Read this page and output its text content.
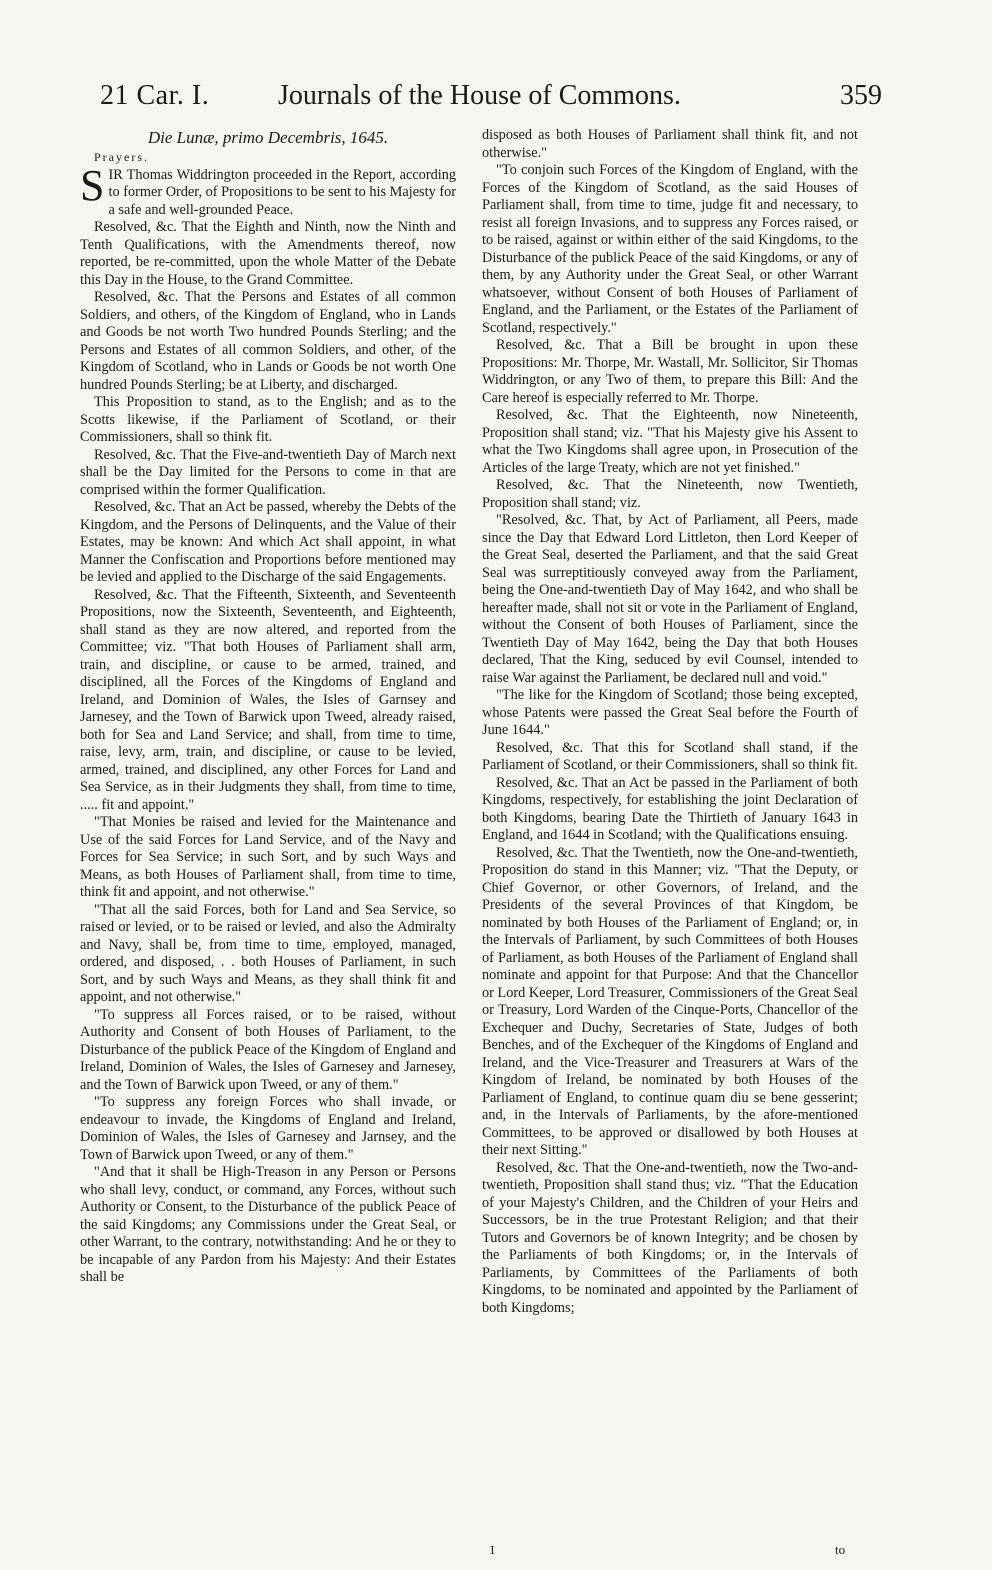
21 Car. I. Journals of the House of Commons.	359

Die Lunæ, primo Decembris, 1645.

Prayers.

SIR Thomas Widdrington proceeded in the Report, according to former Order, of Propositions to be sent to his Majesty for a safe and well-grounded Peace.

Resolved, &c. That the Eighth and Ninth, now the Ninth and Tenth Qualifications, with the Amendments thereof, now reported, be re-committed, upon the whole Matter of the Debate this Day in the House, to the Grand Committee.

Resolved, &c. That the Persons and Estates of all common Soldiers, and others, of the Kingdom of England, who in Lands and Goods be not worth Two hundred Pounds Sterling; and the Persons and Estates of all common Soldiers, and other, of the Kingdom of Scotland, who in Lands or Goods be not worth One hundred Pounds Sterling; be at Liberty, and discharged.

This Proposition to stand, as to the English; and as to the Scotts likewise, if the Parliament of Scotland, or their Commissioners, shall so think fit.

Resolved, &c. That the Five-and-twentieth Day of March next shall be the Day limited for the Persons to come in that are comprised within the former Qualification.

Resolved, &c. That an Act be passed, whereby the Debts of the Kingdom, and the Persons of Delinquents, and the Value of their Estates, may be known: And which Act shall appoint, in what Manner the Confiscation and Proportions before mentioned may be levied and applied to the Discharge of the said Engagements.

Resolved, &c. That the Fifteenth, Sixteenth, and Seventeenth Propositions, now the Sixteenth, Seventeenth, and Eighteenth, shall stand as they are now altered, and reported from the Committee; viz. "That both Houses of Parliament shall arm, train, and discipline, or cause to be armed, trained, and disciplined, all the Forces of the Kingdoms of England and Ireland, and Dominion of Wales, the Isles of Garnsey and Jarnesey, and the Town of Barwick upon Tweed, already raised, both for Sea and Land Service; and shall, from time to time, raise, levy, arm, train, and discipline, or cause to be levied, armed, trained, and disciplined, any other Forces for Land and Sea Service, as in their Judgments they shall, from time to time, ..... fit and appoint."

"That Monies be raised and levied for the Maintenance and Use of the said Forces for Land Service, and of the Navy and Forces for Sea Service; in such Sort, and by such Ways and Means, as both Houses of Parliament shall, from time to time, think fit and appoint, and not otherwise."

"That all the said Forces, both for Land and Sea Service, so raised or levied, or to be raised or levied, and also the Admiralty and Navy, shall be, from time to time, employed, managed, ordered, and disposed, . . both Houses of Parliament, in such Sort, and by such Ways and Means, as they shall think fit and appoint, and not otherwise."

"To suppress all Forces raised, or to be raised, without Authority and Consent of both Houses of Parliament, to the Disturbance of the publick Peace of the Kingdom of England and Ireland, Dominion of Wales, the Isles of Garnesey and Jarnesey, and the Town of Barwick upon Tweed, or any of them."

"To suppress any foreign Forces who shall invade, or endeavour to invade, the Kingdoms of England and Ireland, Dominion of Wales, the Isles of Garnesey and Jarnsey, and the Town of Barwick upon Tweed, or any of them."

"And that it shall be High-Treason in any Person or Persons who shall levy, conduct, or command, any Forces, without such Authority or Consent, to the Disturbance of the publick Peace of the said Kingdoms; any Commissions under the Great Seal, or other Warrant, to the contrary, notwithstanding: And he or they to be incapable of any Pardon from his Majesty: And their Estates shall be

disposed as both Houses of Parliament shall think fit, and not otherwise."

"To conjoin such Forces of the Kingdom of England, with the Forces of the Kingdom of Scotland, as the said Houses of Parliament shall, from time to time, judge fit and necessary, to resist all foreign Invasions, and to suppress any Forces raised, or to be raised, against or within either of the said Kingdoms, to the Disturbance of the publick Peace of the said Kingdoms, or any of them, by any Authority under the Great Seal, or other Warrant whatsoever, without Consent of both Houses of Parliament of England, and the Parliament, or the Estates of the Parliament of Scotland, respectively."

Resolved, &c. That a Bill be brought in upon these Propositions: Mr. Thorpe, Mr. Wastall, Mr. Sollicitor, Sir Thomas Widdrington, or any Two of them, to prepare this Bill: And the Care hereof is especially referred to Mr. Thorpe.

Resolved, &c. That the Eighteenth, now Nineteenth, Proposition shall stand; viz. "That his Majesty give his Assent to what the Two Kingdoms shall agree upon, in Prosecution of the Articles of the large Treaty, which are not yet finished."

Resolved, &c. That the Nineteenth, now Twentieth, Proposition shall stand; viz.

"Resolved, &c. That, by Act of Parliament, all Peers, made since the Day that Edward Lord Littleton, then Lord Keeper of the Great Seal, deserted the Parliament, and that the said Great Seal was surreptitiously conveyed away from the Parliament, being the One-and-twentieth Day of May 1642, and who shall be hereafter made, shall not sit or vote in the Parliament of England, without the Consent of both Houses of Parliament, since the Twentieth Day of May 1642, being the Day that both Houses declared, That the King, seduced by evil Counsel, intended to raise War against the Parliament, be declared null and void."

"The like for the Kingdom of Scotland; those being excepted, whose Patents were passed the Great Seal before the Fourth of June 1644."

Resolved, &c. That this for Scotland shall stand, if the Parliament of Scotland, or their Commissioners, shall so think fit.

Resolved, &c. That an Act be passed in the Parliament of both Kingdoms, respectively, for establishing the joint Declaration of both Kingdoms, bearing Date the Thirtieth of January 1643 in England, and 1644 in Scotland; with the Qualifications ensuing.

Resolved, &c. That the Twentieth, now the One-and-twentieth, Proposition do stand in this Manner; viz. "That the Deputy, or Chief Governor, or other Governors, of Ireland, and the Presidents of the several Provinces of that Kingdom, be nominated by both Houses of the Parliament of England; or, in the Intervals of Parliament, by such Committees of both Houses of Parliament, as both Houses of the Parliament of England shall nominate and appoint for that Purpose: And that the Chancellor or Lord Keeper, Lord Treasurer, Commissioners of the Great Seal or Treasury, Lord Warden of the Cinque-Ports, Chancellor of the Exchequer and Duchy, Secretaries of State, Judges of both Benches, and of the Exchequer of the Kingdoms of England and Ireland, and the Vice-Treasurer and Treasurers at Wars of the Kingdom of Ireland, be nominated by both Houses of the Parliament of England, to continue quam diu se bene gesserint; and, in the Intervals of Parliaments, by the afore-mentioned Committees, to be approved or disallowed by both Houses at their next Sitting."

Resolved, &c. That the One-and-twentieth, now the Two-and-twentieth, Proposition shall stand thus; viz. "That the Education of your Majesty's Children, and the Children of your Heirs and Successors, be in the true Protestant Religion; and that their Tutors and Governors be of known Integrity; and be chosen by the Parliaments of both Kingdoms; or, in the Intervals of Parliaments, by Committees of the Parliaments of both Kingdoms, to be nominated and appointed by the Parliament of both Kingdoms;

1	to
